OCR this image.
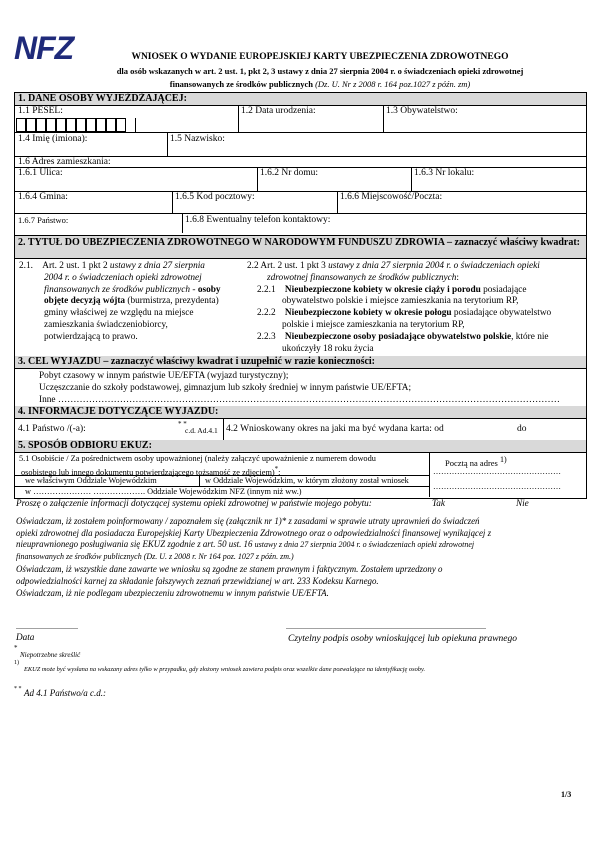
NFZ	WNIOSEK O WYDANIE EUROPEJSKIEJ KARTY UBEZPIECZENIA ZDROWOTNEGO
dla osób wskazanych w art. 2 ust. 1, pkt 2, 3 ustawy z dnia 27 sierpnia 2004 r. o świadczeniach opieki zdrowotnej
finansowanych ze środków publicznych (Dz. U. Nr z 2008 r. 164 poz.1027 z późn. zm)
1. DANE OSOBY WYJEŻDŻAJĄCEJ:
1.1 PESEL:	1.2 Data urodzenia:	1.3 Obywatelstwo:
1.4 Imię (imiona):	1.5 Nazwisko:
1.6 Adres zamieszkania:
1.6.1 Ulica:	1.6.2 Nr domu:	1.6.3 Nr lokalu:
1.6.4 Gmina:	1.6.5 Kod pocztowy:	1.6.6 Miejscowość/Poczta:
1.6.7 Państwo:	1.6.8 Ewentualny telefon kontaktowy:
2. TYTUŁ DO UBEZPIECZENIA ZDROWOTNEGO W NARODOWYM FUNDUSZU ZDROWIA – zaznaczyć właściwy kwadrat:
2.1. Art. 2 ust. 1 pkt 2 ustawy z dnia 27 sierpnia
2004 r. o świadczeniach opieki zdrowotnej
finansowanych ze środków publicznych - osoby
objęte decyzją wójta (burmistrza, prezydenta)
gminy właściwej ze względu na miejsce
zamieszkania świadczeniobiorcy,
potwierdzającą to prawo.
2.2 Art. 2 ust. 1 pkt 3 ustawy z dnia 27 sierpnia 2004 r. o świadczeniach opieki
zdrowotnej finansowanych ze środków publicznych:
2.2.1 Nieubezpieczone kobiety w okresie ciąży i porodu posiadające
obywatelstwo polskie i miejsce zamieszkania na terytorium RP,
2.2.2 Nieubezpieczone kobiety w okresie połogu posiadające obywatelstwo
polskie i miejsce zamieszkania na terytorium RP,
2.2.3 Nieubezpieczone osoby posiadające obywatelstwo polskie, które nie
ukończyły 18 roku życia
3. CEL WYJAZDU – zaznaczyć właściwy kwadrat i uzupełnić w razie konieczności:
Pobyt czasowy w innym państwie UE/EFTA (wyjazd turystyczny);
Uczęszczanie do szkoły podstawowej, gimnazjum lub szkoły średniej w innym państwie UE/EFTA;
Inne ………………………………………………………………………………………………………………………………………………
4. INFORMACJE DOTYCZĄCE WYJAZDU:
4.1 Państwo /(-a):	* *
c.d. Ad.4.1 4.2 Wnioskowany okres na jaki ma być wydana karta: od	do
5. SPOSÓB ODBIORU EKUZ:
5.1 Osobiście / Za pośrednictwem osoby upoważnionej (należy załączyć upoważnienie z numerem dowodu
osobistego lub innego dokumentu potwierdzającego tożsamość ze zdjęciem)*:
we właściwym Oddziale Wojewódzkim	w Oddziale Wojewódzkim, w którym złożony został wniosek
w ………………… ………………. Oddziale Wojewódzkim NFZ (innym niż ww.)
Pocztą na adres $^{1)}$
…………………………………………
…………………………………………
Proszę o załączenie informacji dotyczącej systemu opieki zdrowotnej w państwie mojego pobytu:	Tak	Nie
Oświadczam, iż zostałem poinformowany / zapoznałem się (załącznik nr 1)* z zasadami w sprawie utraty uprawnień do świadczeń
opieki zdrowotnej dla posiadacza Europejskiej Karty Ubezpieczenia Zdrowotnego oraz o odpowiedzialności finansowej wynikającej z
nieuprawnionego posługiwania się EKUZ zgodnie z art. 50 ust. 16 ustawy z dnia 27 sierpnia 2004 r. o świadczeniach opieki zdrowotnej
finansowanych ze środków publicznych (Dz. U. z 2008 r. Nr 164 poz. 1027 z późn. zm.)
Oświadczam, iż wszystkie dane zawarte we wniosku są zgodne ze stanem prawnym i faktycznym. Zostałem uprzedzony o
odpowiedzialności karnej za składanie fałszywych zeznań przewidzianej w art. 233 Kodeksu Karnego.
Oświadczam, iż nie podlegam ubezpieczeniu zdrowotnemu w innym państwie UE/EFTA.
...............................
Data
....................................................................................................
Czytelny podpis osoby wnioskującej lub opiekuna prawnego
*
Niepotrzebne skreślić
1)
EKUZ może być wysłana na wskazany adres tylko w przypadku, gdy złożony wniosek zawiera podpis oraz wszelkie dane pozwalające na identyfikację osoby.
* * Ad 4.1 Państwo/a c.d.:
1/3
